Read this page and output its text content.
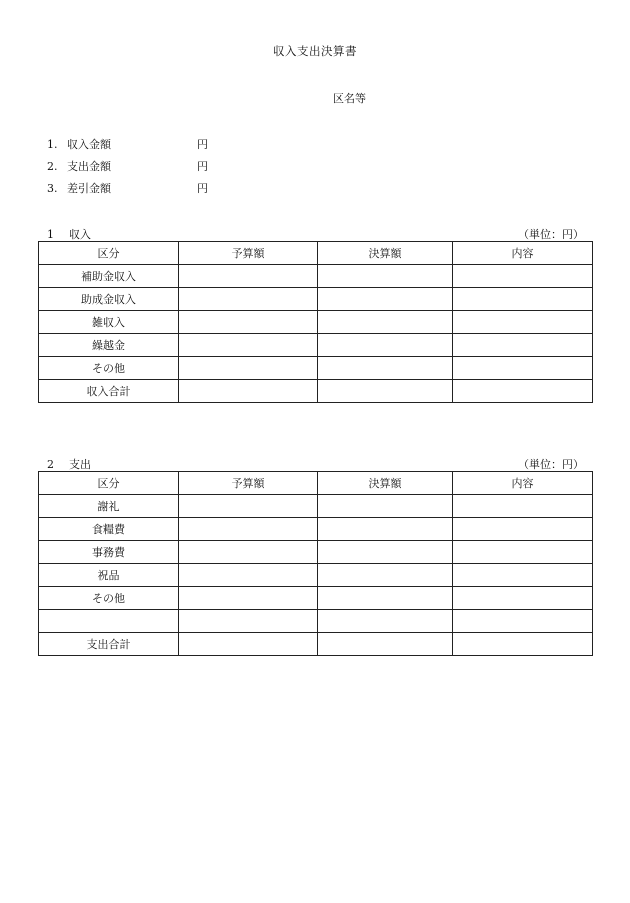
収入支出決算書
区名等
1. 収入金額	円
2. 支出金額	円
3. 差引金額	円
1 収入	（単位：円）
区分	予算額	決算額	内容
補助金収入			
助成金収入			
雑収入			
繰越金			
その他			
収入合計			
2 支出	（単位：円）
区分	予算額	決算額	内容
謝礼			
食糧費			
事務費			
祝品			
その他			

支出合計			
